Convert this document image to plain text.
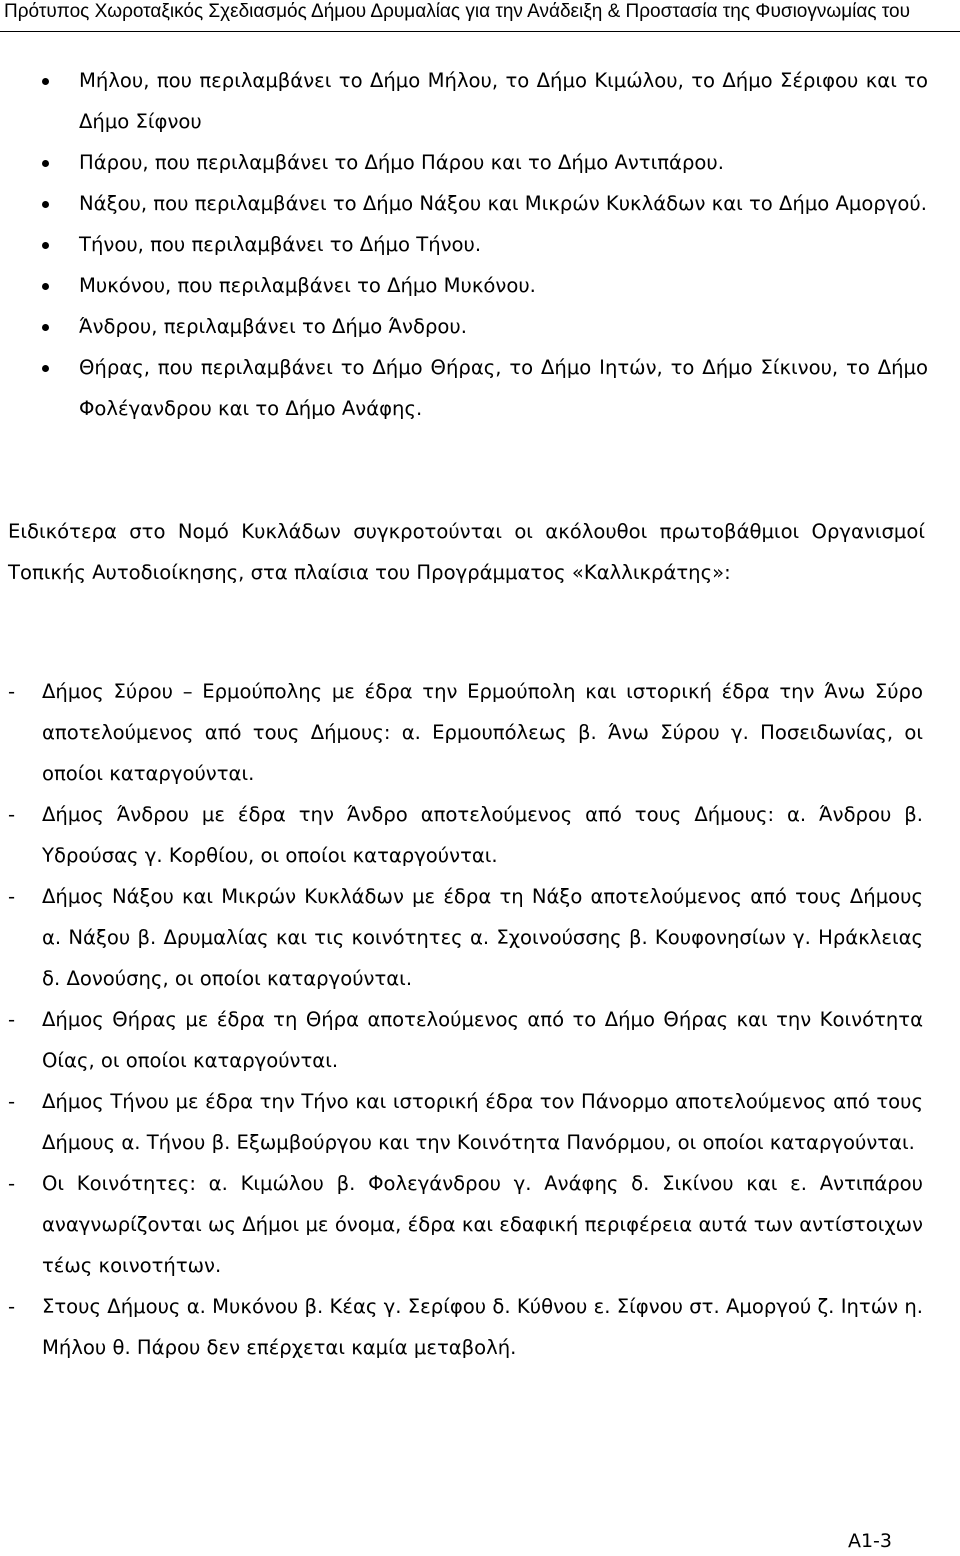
Πρότυπος Χωροταξικός Σχεδιασμός Δήμου Δρυμαλίας για την Ανάδειξη & Προστασία της Φυσιογνωμίας του
Μήλου, που περιλαμβάνει το Δήμο Μήλου, το Δήμο Κιμώλου, το Δήμο Σέριφου και το Δήμο Σίφνου
Πάρου, που περιλαμβάνει το Δήμο Πάρου και το Δήμο Αντιπάρου.
Νάξου, που περιλαμβάνει το Δήμο Νάξου και Μικρών Κυκλάδων και το Δήμο Αμοργού.
Τήνου, που περιλαμβάνει το Δήμο Τήνου.
Μυκόνου, που περιλαμβάνει το Δήμο Μυκόνου.
Άνδρου, περιλαμβάνει το Δήμο Άνδρου.
Θήρας, που περιλαμβάνει το Δήμο Θήρας, το Δήμο Ιητών, το Δήμο Σίκινου, το Δήμο Φολέγανδρου και το Δήμο Ανάφης.

Ειδικότερα στο Νομό Κυκλάδων συγκροτούνται οι ακόλουθοι πρωτοβάθμιοι Οργανισμοί Τοπικής Αυτοδιοίκησης, στα πλαίσια του Προγράμματος «Καλλικράτης»:

- Δήμος Σύρου – Ερμούπολης με έδρα την Ερμούπολη και ιστορική έδρα την Άνω Σύρο αποτελούμενος από τους Δήμους: α. Ερμουπόλεως β. Άνω Σύρου γ. Ποσειδωνίας, οι οποίοι καταργούνται.
- Δήμος Άνδρου με έδρα την Άνδρο αποτελούμενος από τους Δήμους: α. Άνδρου β. Υδρούσας γ. Κορθίου, οι οποίοι καταργούνται.
- Δήμος Νάξου και Μικρών Κυκλάδων με έδρα τη Νάξο αποτελούμενος από τους Δήμους α. Νάξου β. Δρυμαλίας και τις κοινότητες α. Σχοινούσσης β. Κουφονησίων γ. Ηράκλειας δ. Δονούσης, οι οποίοι καταργούνται.
- Δήμος Θήρας με έδρα τη Θήρα αποτελούμενος από το Δήμο Θήρας και την Κοινότητα Οίας, οι οποίοι καταργούνται.
- Δήμος Τήνου με έδρα την Τήνο και ιστορική έδρα τον Πάνορμο αποτελούμενος από τους Δήμους α. Τήνου β. Εξωμβούργου και την Κοινότητα Πανόρμου, οι οποίοι καταργούνται.
- Οι Κοινότητες: α. Κιμώλου β. Φολεγάνδρου γ. Ανάφης δ. Σικίνου και ε. Αντιπάρου αναγνωρίζονται ως Δήμοι με όνομα, έδρα και εδαφική περιφέρεια αυτά των αντίστοιχων τέως κοινοτήτων.
- Στους Δήμους α. Μυκόνου β. Κέας γ. Σερίφου δ. Κύθνου ε. Σίφνου στ. Αμοργού ζ. Ιητών η. Μήλου θ. Πάρου δεν επέρχεται καμία μεταβολή.
Α1-3
